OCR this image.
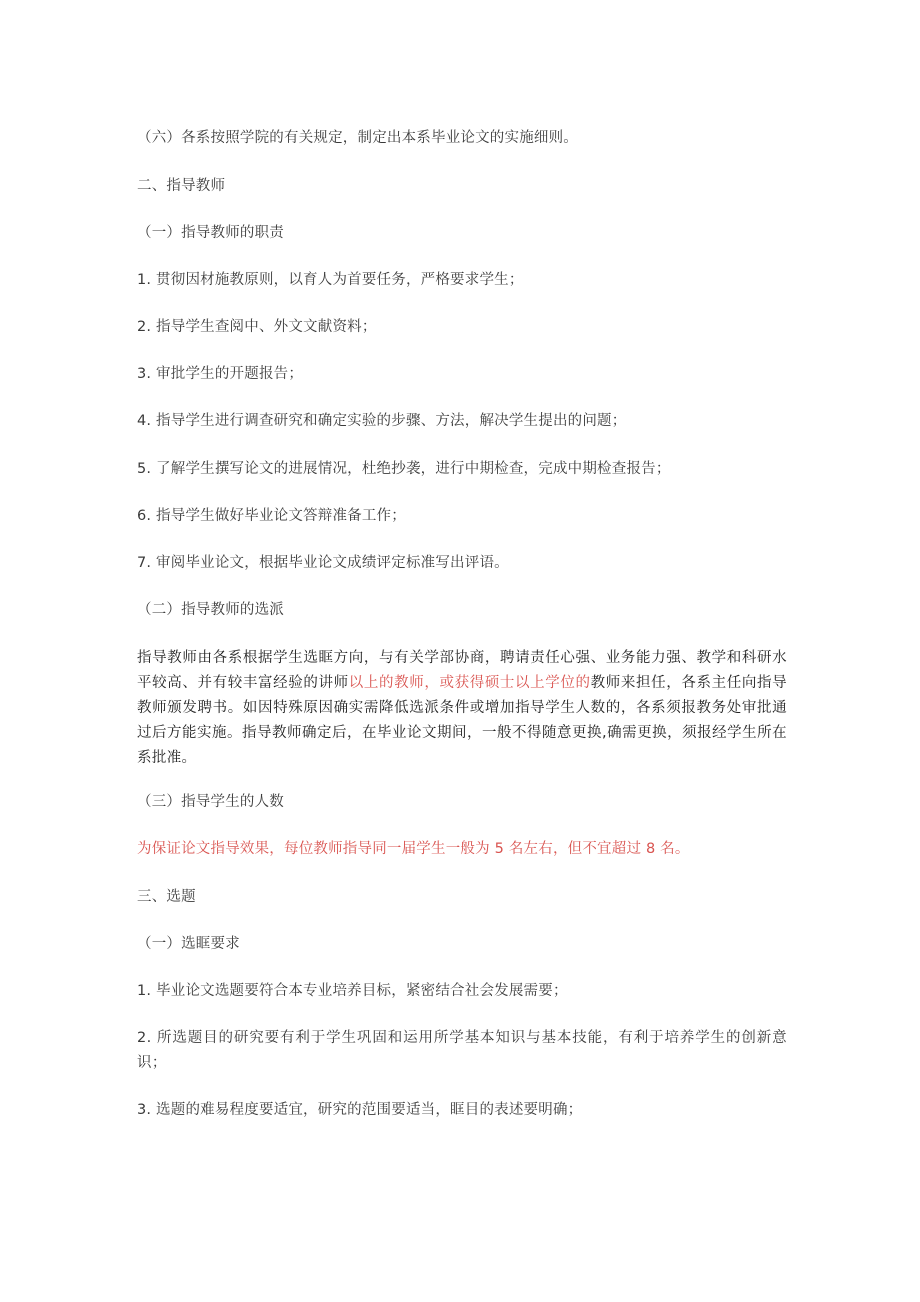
（六）各系按照学院的有关规定，制定出本系毕业论文的实施细则。
二、指导教师
（一）指导教师的职责
1. 贯彻因材施教原则，以育人为首要任务，严格要求学生；
2. 指导学生查阅中、外文文献资料；
3. 审批学生的开题报告；
4. 指导学生进行调查研究和确定实验的步骤、方法，解决学生提出的问题；
5. 了解学生撰写论文的进展情况，杜绝抄袭，进行中期检查，完成中期检查报告；
6. 指导学生做好毕业论文答辩准备工作；
7. 审阅毕业论文，根据毕业论文成绩评定标准写出评语。
（二）指导教师的选派
指导教师由各系根据学生选眶方向，与有关学部协商，聘请责任心强、业务能力强、教学和科研水平较高、并有较丰富经验的讲师以上的教师，或获得硕士以上学位的教师来担任，各系主任向指导教师颁发聘书。如因特殊原因确实需降低选派条件或增加指导学生人数的，各系须报教务处审批通过后方能实施。指导教师确定后，在毕业论文期间，一般不得随意更换,确需更换，须报经学生所在系批准。
（三）指导学生的人数
为保证论文指导效果，每位教师指导同一届学生一般为 5 名左右，但不宜超过 8 名。
三、选题
（一）选眶要求
1. 毕业论文选题要符合本专业培养目标，紧密结合社会发展需要；
2. 所选题目的研究要有利于学生巩固和运用所学基本知识与基本技能，有利于培养学生的创新意识；
3. 选题的难易程度要适宜，研究的范围要适当，眶目的表述要明确；
